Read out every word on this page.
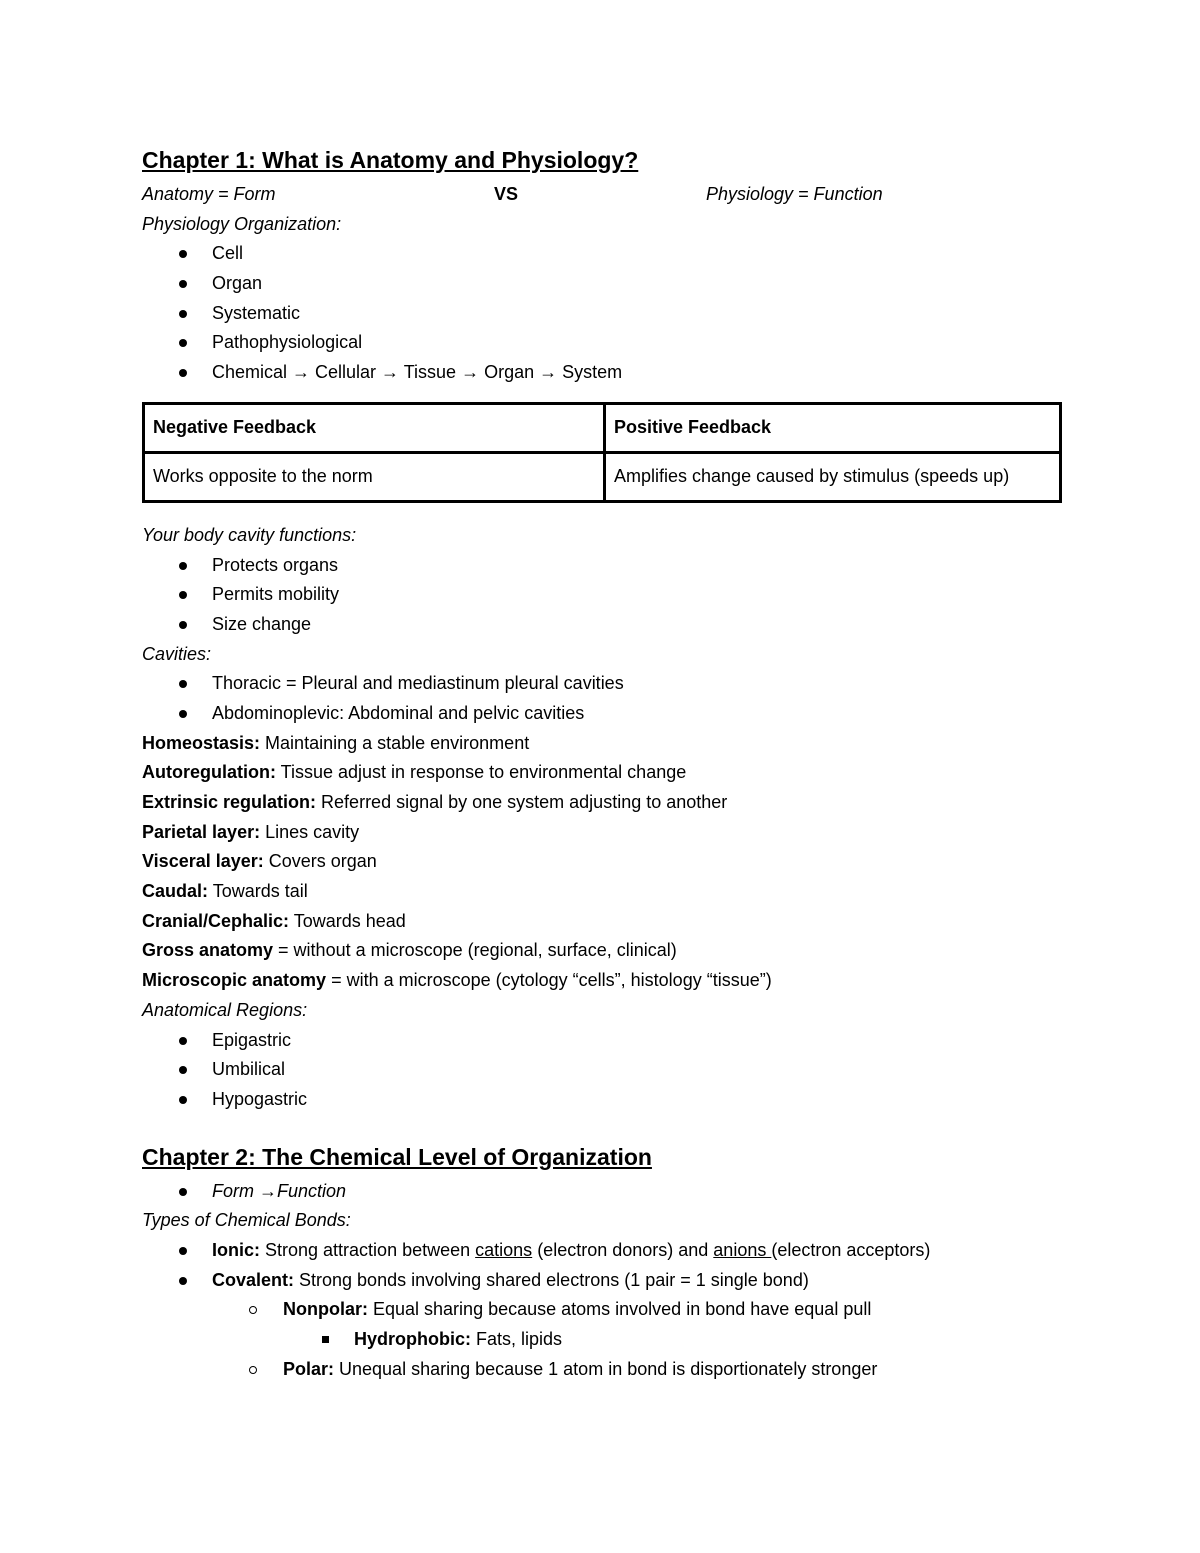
Chapter 1: What is Anatomy and Physiology?
Anatomy = Form	VS	Physiology = Function
Physiology Organization:
Cell
Organ
Systematic
Pathophysiological
Chemical → Cellular → Tissue → Organ → System
Negative Feedback	Positive Feedback
Works opposite to the norm	Amplifies change caused by stimulus (speeds up)
Your body cavity functions:
Protects organs
Permits mobility
Size change
Cavities:
Thoracic = Pleural and mediastinum pleural cavities
Abdominoplevic: Abdominal and pelvic cavities
Homeostasis: Maintaining a stable environment
Autoregulation: Tissue adjust in response to environmental change
Extrinsic regulation: Referred signal by one system adjusting to another
Parietal layer: Lines cavity
Visceral layer: Covers organ
Caudal: Towards tail
Cranial/Cephalic: Towards head
Gross anatomy = without a microscope (regional, surface, clinical)
Microscopic anatomy = with a microscope (cytology “cells”, histology “tissue”)
Anatomical Regions:
Epigastric
Umbilical
Hypogastric
Chapter 2: The Chemical Level of Organization
Form →Function
Types of Chemical Bonds:
Ionic: Strong attraction between cations (electron donors) and anions (electron acceptors)
Covalent: Strong bonds involving shared electrons (1 pair = 1 single bond)
Nonpolar: Equal sharing because atoms involved in bond have equal pull
Hydrophobic: Fats, lipids
Polar: Unequal sharing because 1 atom in bond is disportionately stronger
